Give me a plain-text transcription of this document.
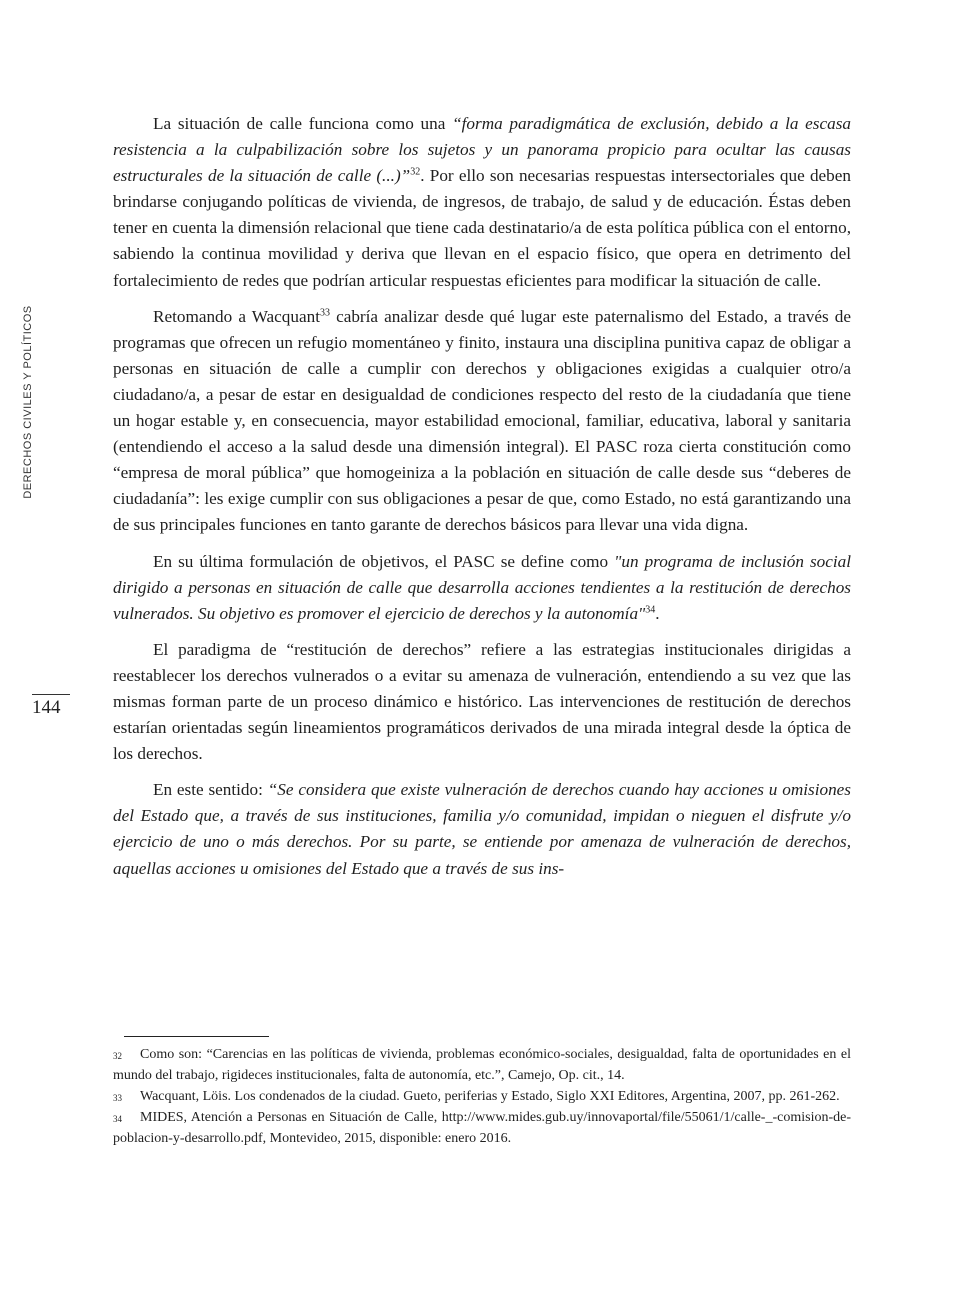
DERECHOS CIVILES Y POLÍTICOS
144

La situación de calle funciona como una “forma paradigmática de exclusión, debido a la escasa resistencia a la culpabilización sobre los sujetos y un panorama propicio para ocultar las causas estructurales de la situación de calle (...)”$^{32}$. Por ello son necesarias respuestas intersectoriales que deben brindarse conjugando políticas de vivienda, de ingresos, de trabajo, de salud y de educación. Éstas deben tener en cuenta la dimensión relacional que tiene cada destinatario/a de esta política pública con el entorno, sabiendo la continua movilidad y deriva que llevan en el espacio físico, que opera en detrimento del fortalecimiento de redes que podrían articular respuestas eficientes para modificar la situación de calle.

Retomando a Wacquant$^{33}$ cabría analizar desde qué lugar este paternalismo del Estado, a través de programas que ofrecen un refugio momentáneo y finito, instaura una disciplina punitiva capaz de obligar a personas en situación de calle a cumplir con derechos y obligaciones exigidas a cualquier otro/a ciudadano/a, a pesar de estar en desigualdad de condiciones respecto del resto de la ciudadanía que tiene un hogar estable y, en consecuencia, mayor estabilidad emocional, familiar, educativa, laboral y sanitaria (entendiendo el acceso a la salud desde una dimensión integral). El PASC roza cierta constitución como “empresa de moral pública” que homogeiniza a la población en situación de calle desde sus “deberes de ciudadanía”: les exige cumplir con sus obligaciones a pesar de que, como Estado, no está garantizando una de sus principales funciones en tanto garante de derechos básicos para llevar una vida digna.

En su última formulación de objetivos, el PASC se define como "un programa de inclusión social dirigido a personas en situación de calle que desarrolla acciones tendientes a la restitución de derechos vulnerados. Su objetivo es promover el ejercicio de derechos y la autonomía"$^{34}$.

El paradigma de “restitución de derechos” refiere a las estrategias institucionales dirigidas a reestablecer los derechos vulnerados o a evitar su amenaza de vulneración, entendiendo a su vez que las mismas forman parte de un proceso dinámico e histórico. Las intervenciones de restitución de derechos estarían orientadas según lineamientos programáticos derivados de una mirada integral desde la óptica de los derechos.

En este sentido: “Se considera que existe vulneración de derechos cuando hay acciones u omisiones del Estado que, a través de sus instituciones, familia y/o comunidad, impidan o nieguen el disfrute y/o ejercicio de uno o más derechos. Por su parte, se entiende por amenaza de vulneración de derechos, aquellas acciones u omisiones del Estado que a través de sus ins-

$^{32}$ Como son: “Carencias en las políticas de vivienda, problemas económico-sociales, desigualdad, falta de oportunidades en el mundo del trabajo, rigideces institucionales, falta de autonomía, etc.”, Camejo, Op. cit., 14.

$^{33}$ Wacquant, Löis. Los condenados de la ciudad. Gueto, periferias y Estado, Siglo XXI Editores, Argentina, 2007, pp. 261-262.

$^{34}$ MIDES, Atención a Personas en Situación de Calle, http://www.mides.gub.uy/innovaportal/file/55061/1/calle-_-comision-de-poblacion-y-desarrollo.pdf, Montevideo, 2015, disponible: enero 2016.
